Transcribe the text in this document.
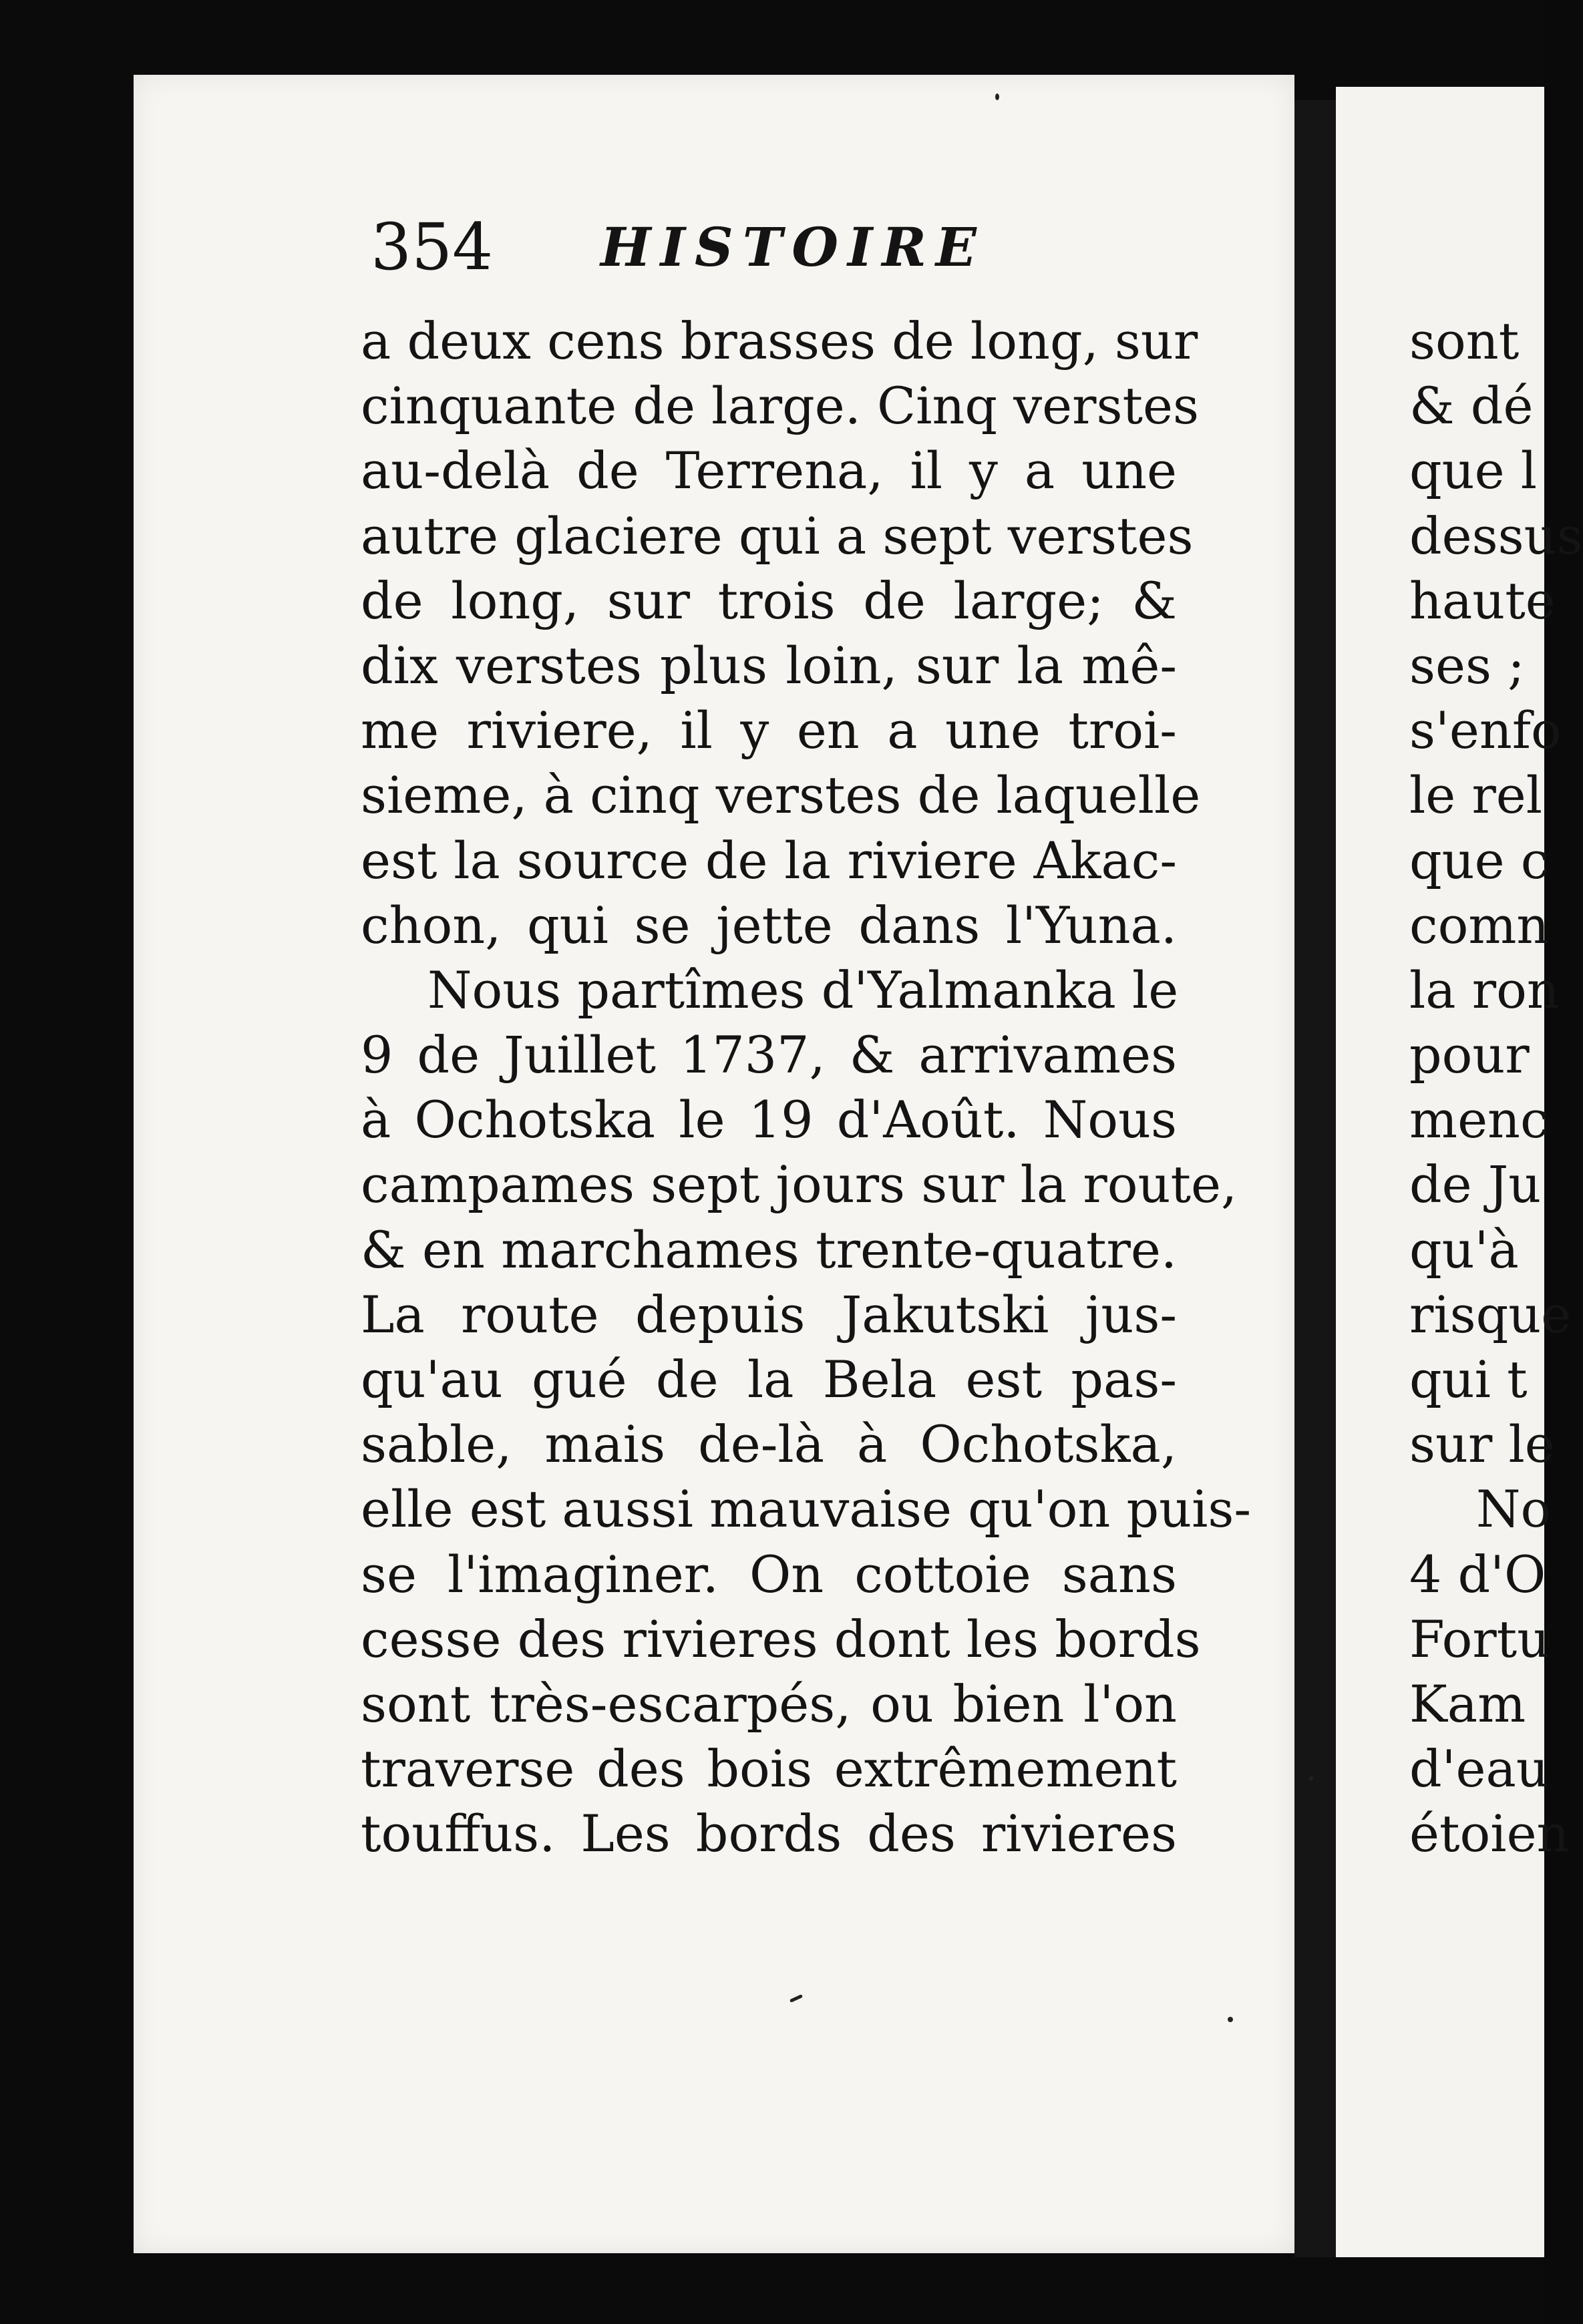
354 HISTOIRE
a deux cens brasses de long, sur
cinquante de large. Cinq verstes
au-delà de Terrena, il y a une
autre glaciere qui a sept verstes
de long, sur trois de large; &
dix verstes plus loin, sur la mê-
me riviere, il y en a une troi-
sieme, à cinq verstes de laquelle
est la source de la riviere Akac-
chon, qui se jette dans l'Yuna.
Nous partîmes d'Yalmanka le
9 de Juillet 1737, & arrivames
à Ochotska le 19 d'Août. Nous
campames sept jours sur la route,
& en marchames trente-quatre.
La route depuis Jakutski jus-
qu'au gué de la Bela est pas-
sable, mais de-là à Ochotska,
elle est aussi mauvaise qu'on puis-
se l'imaginer. On cottoie sans
cesse des rivieres dont les bords
sont très-escarpés, ou bien l'on
traverse des bois extrêmement
touffus. Les bords des rivieres
sont
& dé
que l
dessus
haute
ses ;
s'enfo
le rel
que c
comn
la ron
pour
menc
de Ju
qu'à
risque
qui t
sur le
No
4 d'O
Fortu
Kam
d'eau
étoien
